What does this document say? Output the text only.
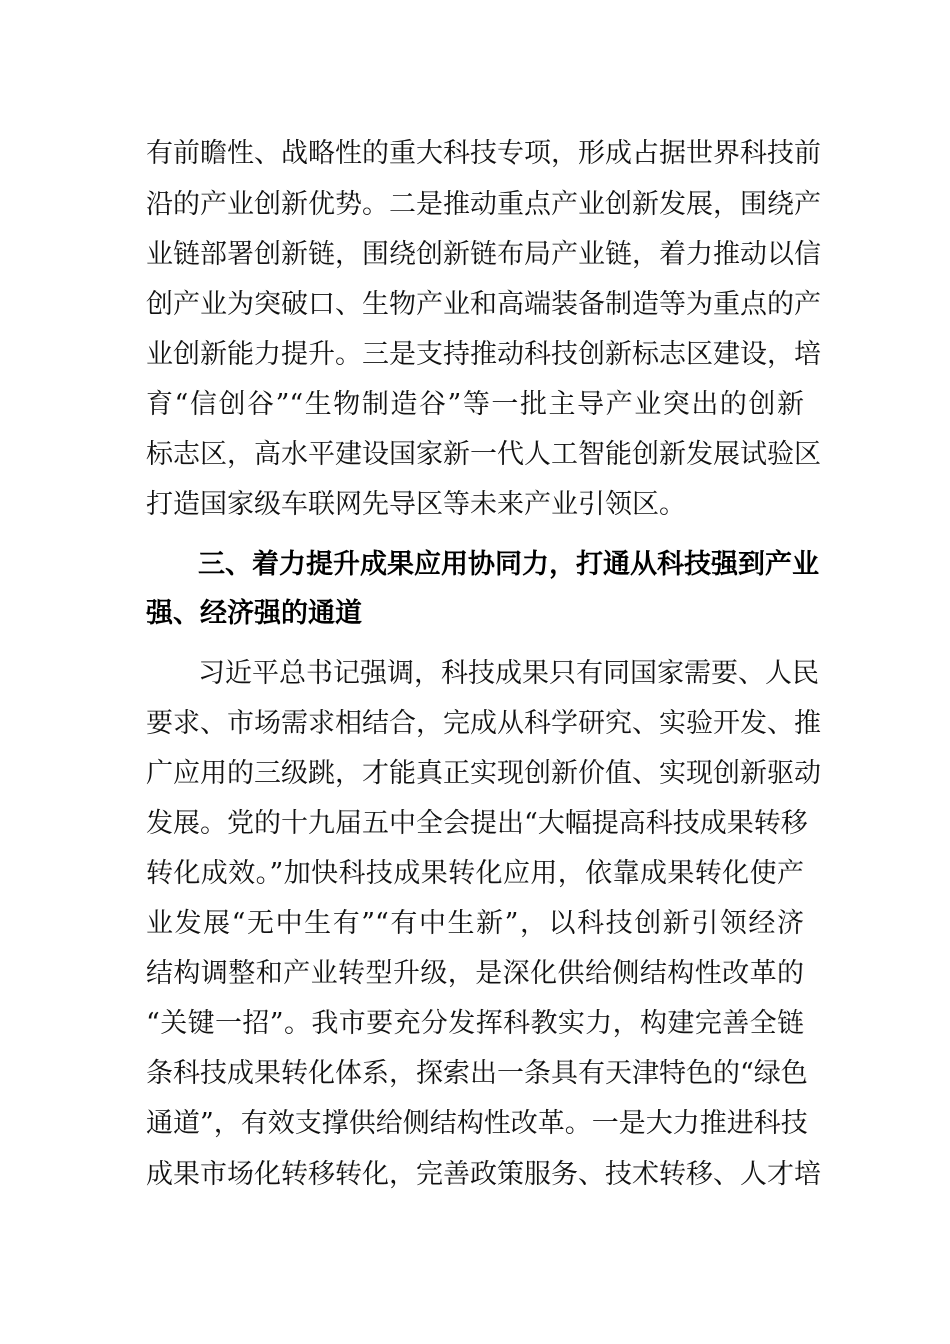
有前瞻性、战略性的重大科技专项，形成占据世界科技前
沿的产业创新优势。二是推动重点产业创新发展，围绕产
业链部署创新链，围绕创新链布局产业链，着力推动以信
创产业为突破口、生物产业和高端装备制造等为重点的产
业创新能力提升。三是支持推动科技创新标志区建设，培
育“信创谷”“生物制造谷”等一批主导产业突出的创新
标志区，高水平建设国家新一代人工智能创新发展试验区
打造国家级车联网先导区等未来产业引领区。
三、着力提升成果应用协同力，打通从科技强到产业
强、经济强的通道
习近平总书记强调，科技成果只有同国家需要、人民
要求、市场需求相结合，完成从科学研究、实验开发、推
广应用的三级跳，才能真正实现创新价值、实现创新驱动
发展。党的十九届五中全会提出“大幅提高科技成果转移
转化成效。”加快科技成果转化应用，依靠成果转化使产
业发展“无中生有”“有中生新”，以科技创新引领经济
结构调整和产业转型升级，是深化供给侧结构性改革的
“关键一招”。我市要充分发挥科教实力，构建完善全链
条科技成果转化体系，探索出一条具有天津特色的“绿色
通道”，有效支撑供给侧结构性改革。一是大力推进科技
成果市场化转移转化，完善政策服务、技术转移、人才培
